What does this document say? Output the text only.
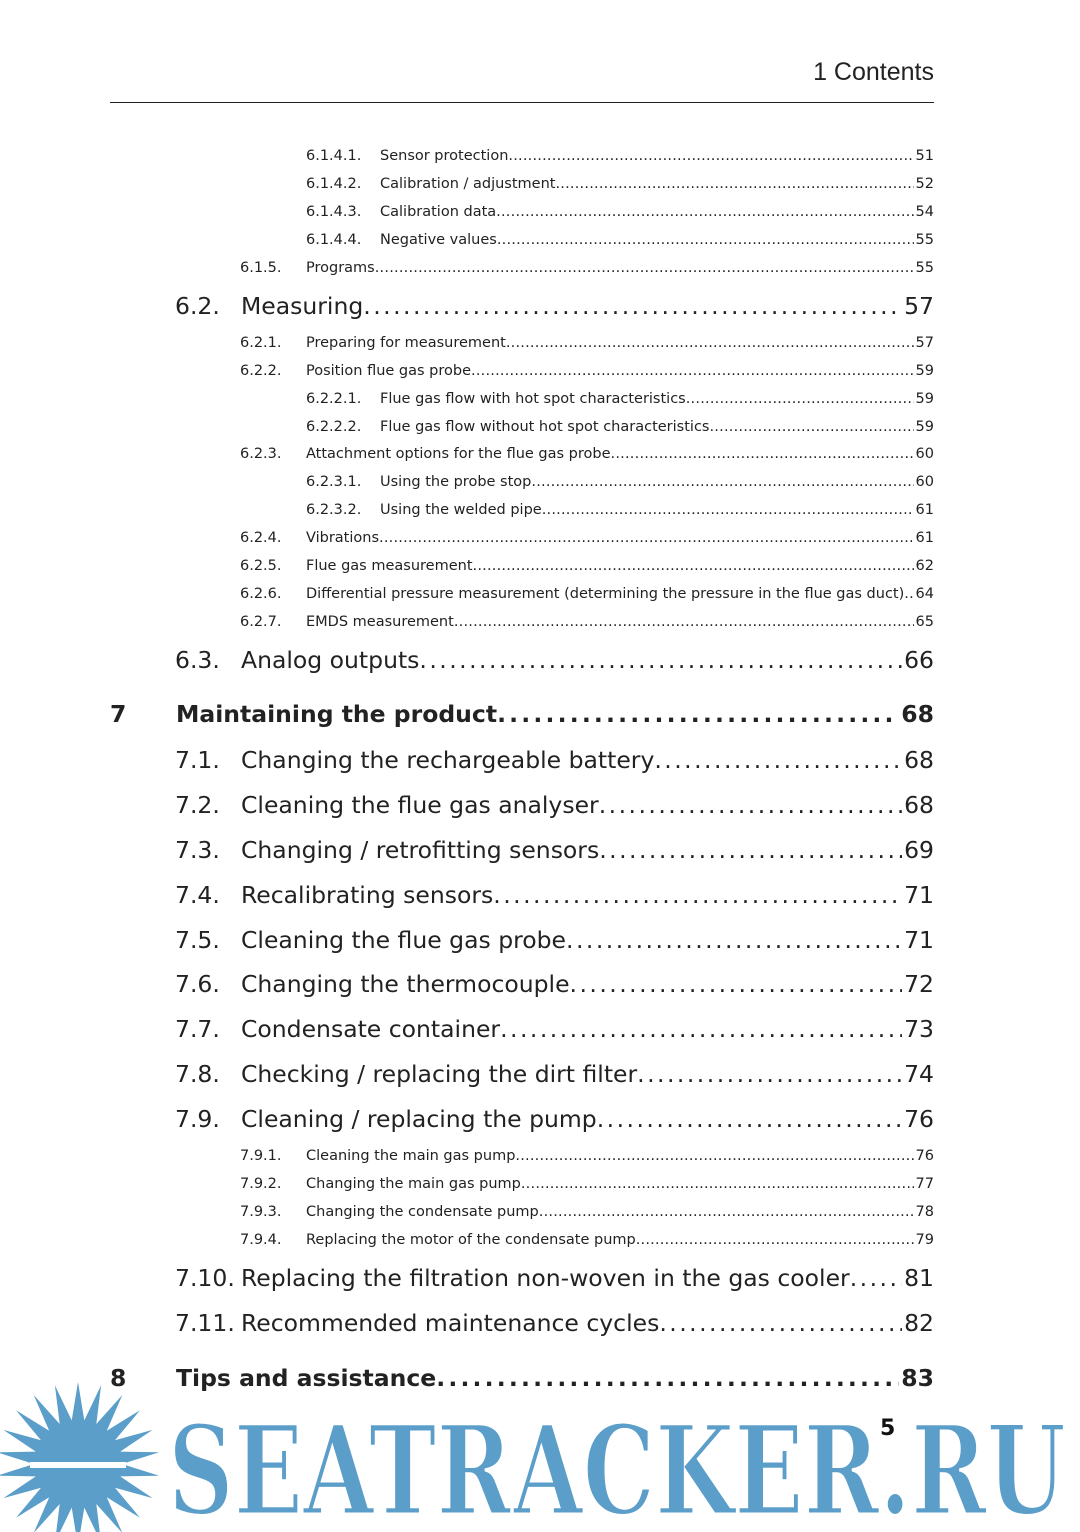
1 Contents
6.1.4.1.	Sensor protection . . .	51
6.1.4.2.	Calibration / adjustment . . .	52
6.1.4.3.	Calibration data . . .	54
6.1.4.4.	Negative values . . .	55
6.1.5.	Programs . . .	55
6.2. Measuring . . .	57
6.2.1.	Preparing for measurement . . .	57
6.2.2.	Position flue gas probe . . .	59
6.2.2.1.	Flue gas flow with hot spot characteristics . . .	59
6.2.2.2.	Flue gas flow without hot spot characteristics . . .	59
6.2.3.	Attachment options for the flue gas probe . . .	60
6.2.3.1.	Using the probe stop . . .	60
6.2.3.2.	Using the welded pipe . . .	61
6.2.4.	Vibrations . . .	61
6.2.5.	Flue gas measurement . . .	62
6.2.6.	Differential pressure measurement (determining the pressure in the flue gas duct) . . . 64
6.2.7.	EMDS measurement . . .	65
6.3. Analog outputs . . .	66
7	Maintaining the product . . .	68
7.1. Changing the rechargeable battery . . .	68
7.2. Cleaning the flue gas analyser . . .	68
7.3. Changing / retrofitting sensors . . .	69
7.4. Recalibrating sensors . . .	71
7.5. Cleaning the flue gas probe . . .	71
7.6. Changing the thermocouple . . .	72
7.7. Condensate container . . .	73
7.8. Checking / replacing the dirt filter . . .	74
7.9. Cleaning / replacing the pump . . .	76
7.9.1.	Cleaning the main gas pump . . .	76
7.9.2.	Changing the main gas pump . . .	77
7.9.3.	Changing the condensate pump . . .	78
7.9.4.	Replacing the motor of the condensate pump . . .	79
7.10. Replacing the filtration non-woven in the gas cooler . . . 81
7.11. Recommended maintenance cycles . . .	82
8	Tips and assistance . . .	83
SEATRACKER.RU
5
